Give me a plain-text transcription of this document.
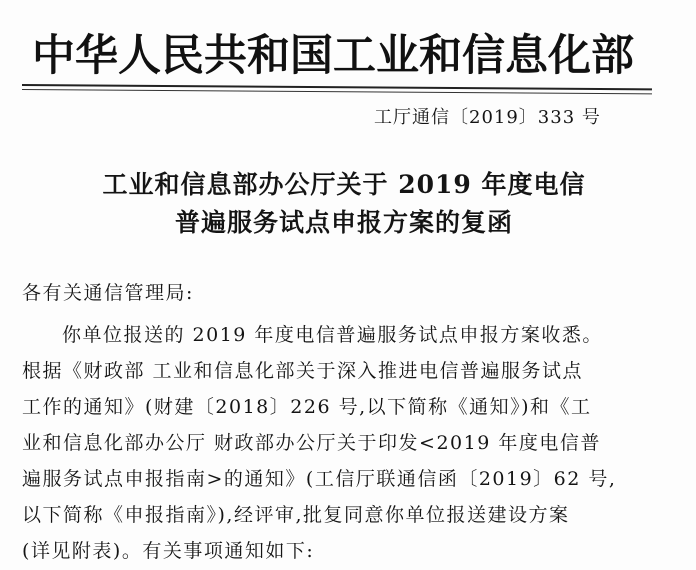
中华人民共和国工业和信息化部
工厅通信〔2019〕333 号
工业和信息部办公厅关于 2019 年度电信
普遍服务试点申报方案的复函
各有关通信管理局:
你单位报送的 2019 年度电信普遍服务试点申报方案收悉。
根据《财政部 工业和信息化部关于深入推进电信普遍服务试点
工作的通知》(财建〔2018〕226 号,以下简称《通知》)和《工
业和信息化部办公厅 财政部办公厅关于印发<2019 年度电信普
遍服务试点申报指南>的通知》(工信厅联通信函〔2019〕62 号,
以下简称《申报指南》),经评审,批复同意你单位报送建设方案
(详见附表)。有关事项通知如下:
